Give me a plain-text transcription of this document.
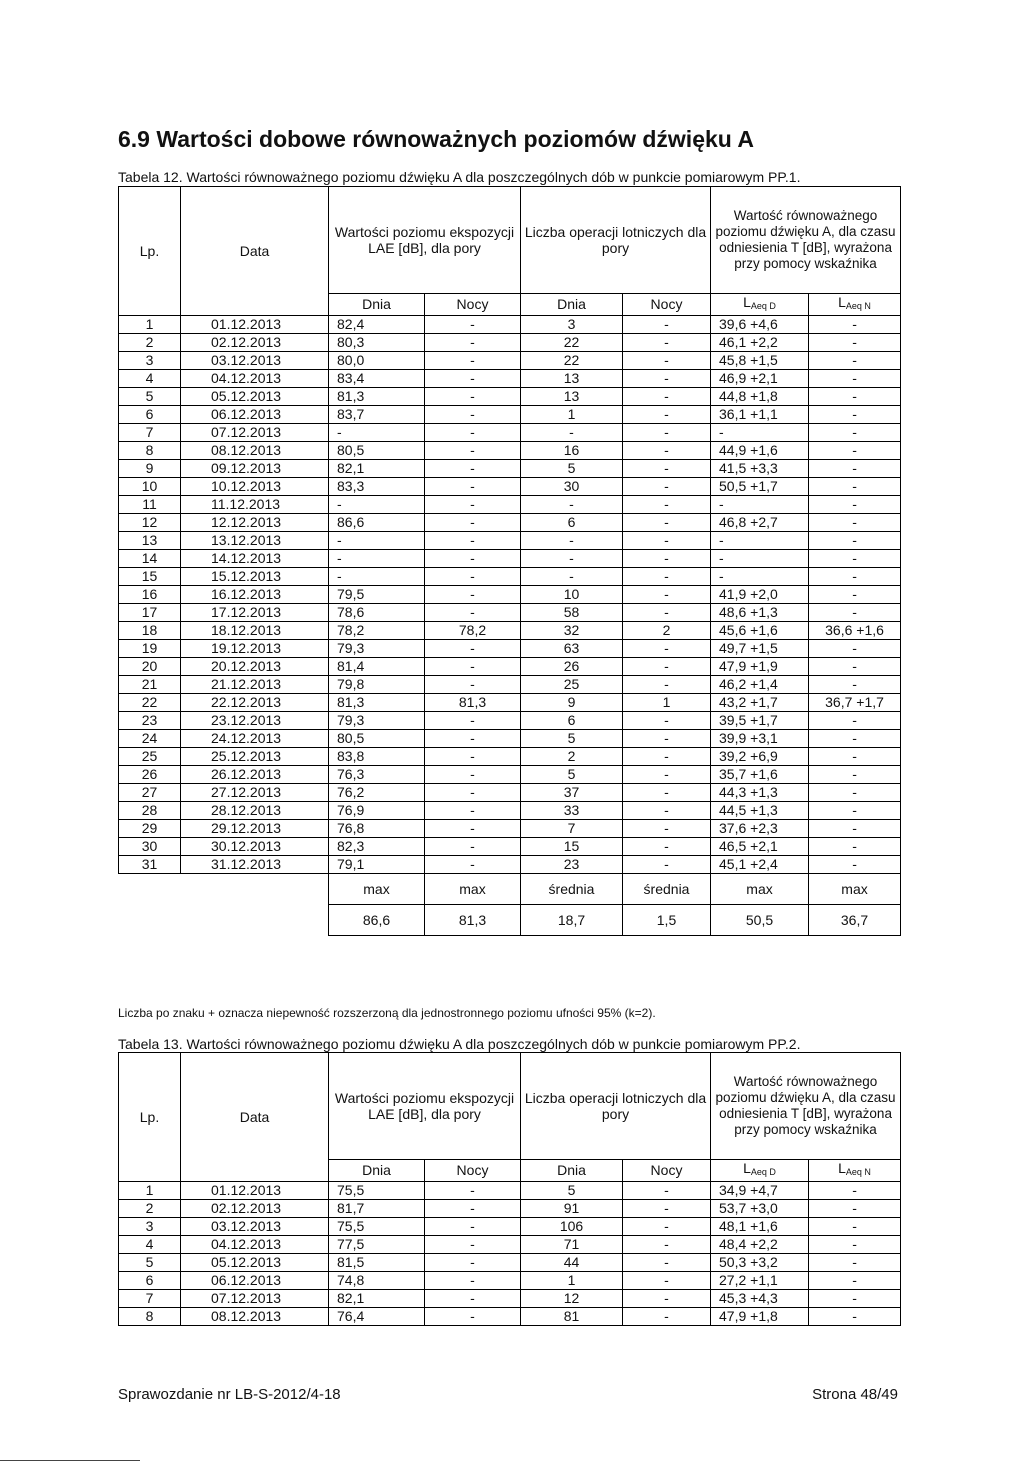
6.9 Wartości dobowe równoważnych poziomów dźwięku A
Tabela 12. Wartości równoważnego poziomu dźwięku A dla poszczególnych dób w punkcie pomiarowym PP.1.
Lp.	Data	Wartości poziomu ekspozycji LAE [dB], dla pory		Liczba operacji lotniczych dla pory		Wartość równoważnego poziomu dźwięku A, dla czasu odniesienia T [dB], wyrażona przy pomocy wskaźnika	
		Dnia	Nocy	Dnia	Nocy	LAeq D	LAeq N
1	01.12.2013	82,4	-	3	-	39,6 +4,6	-
2	02.12.2013	80,3	-	22	-	46,1 +2,2	-
3	03.12.2013	80,0	-	22	-	45,8 +1,5	-
4	04.12.2013	83,4	-	13	-	46,9 +2,1	-
5	05.12.2013	81,3	-	13	-	44,8 +1,8	-
6	06.12.2013	83,7	-	1	-	36,1 +1,1	-
7	07.12.2013	-	-	-	-	-	-
8	08.12.2013	80,5	-	16	-	44,9 +1,6	-
9	09.12.2013	82,1	-	5	-	41,5 +3,3	-
10	10.12.2013	83,3	-	30	-	50,5 +1,7	-
11	11.12.2013	-	-	-	-	-	-
12	12.12.2013	86,6	-	6	-	46,8 +2,7	-
13	13.12.2013	-	-	-	-	-	-
14	14.12.2013	-	-	-	-	-	-
15	15.12.2013	-	-	-	-	-	-
16	16.12.2013	79,5	-	10	-	41,9 +2,0	-
17	17.12.2013	78,6	-	58	-	48,6 +1,3	-
18	18.12.2013	78,2	78,2	32	2	45,6 +1,6	36,6 +1,6
19	19.12.2013	79,3	-	63	-	49,7 +1,5	-
20	20.12.2013	81,4	-	26	-	47,9 +1,9	-
21	21.12.2013	79,8	-	25	-	46,2 +1,4	-
22	22.12.2013	81,3	81,3	9	1	43,2 +1,7	36,7 +1,7
23	23.12.2013	79,3	-	6	-	39,5 +1,7	-
24	24.12.2013	80,5	-	5	-	39,9 +3,1	-
25	25.12.2013	83,8	-	2	-	39,2 +6,9	-
26	26.12.2013	76,3	-	5	-	35,7 +1,6	-
27	27.12.2013	76,2	-	37	-	44,3 +1,3	-
28	28.12.2013	76,9	-	33	-	44,5 +1,3	-
29	29.12.2013	76,8	-	7	-	37,6 +2,3	-
30	30.12.2013	82,3	-	15	-	46,5 +2,1	-
31	31.12.2013	79,1	-	23	-	45,1 +2,4	-
		max	max	średnia	średnia	max	max
		86,6	81,3	18,7	1,5	50,5	36,7
Liczba po znaku + oznacza niepewność rozszerzoną dla jednostronnego poziomu ufności 95% (k=2).
Tabela 13. Wartości równoważnego poziomu dźwięku A dla poszczególnych dób w punkcie pomiarowym PP.2.
Lp.	Data	Wartości poziomu ekspozycji LAE [dB], dla pory		Liczba operacji lotniczych dla pory		Wartość równoważnego poziomu dźwięku A, dla czasu odniesienia T [dB], wyrażona przy pomocy wskaźnika	
		Dnia	Nocy	Dnia	Nocy	LAeq D	LAeq N
1	01.12.2013	75,5	-	5	-	34,9 +4,7	-
2	02.12.2013	81,7	-	91	-	53,7 +3,0	-
3	03.12.2013	75,5	-	106	-	48,1 +1,6	-
4	04.12.2013	77,5	-	71	-	48,4 +2,2	-
5	05.12.2013	81,5	-	44	-	50,3 +3,2	-
6	06.12.2013	74,8	-	1	-	27,2 +1,1	-
7	07.12.2013	82,1	-	12	-	45,3 +4,3	-
8	08.12.2013	76,4	-	81	-	47,9 +1,8	-
Sprawozdanie nr LB-S-2012/4-18	Strona 48/49
